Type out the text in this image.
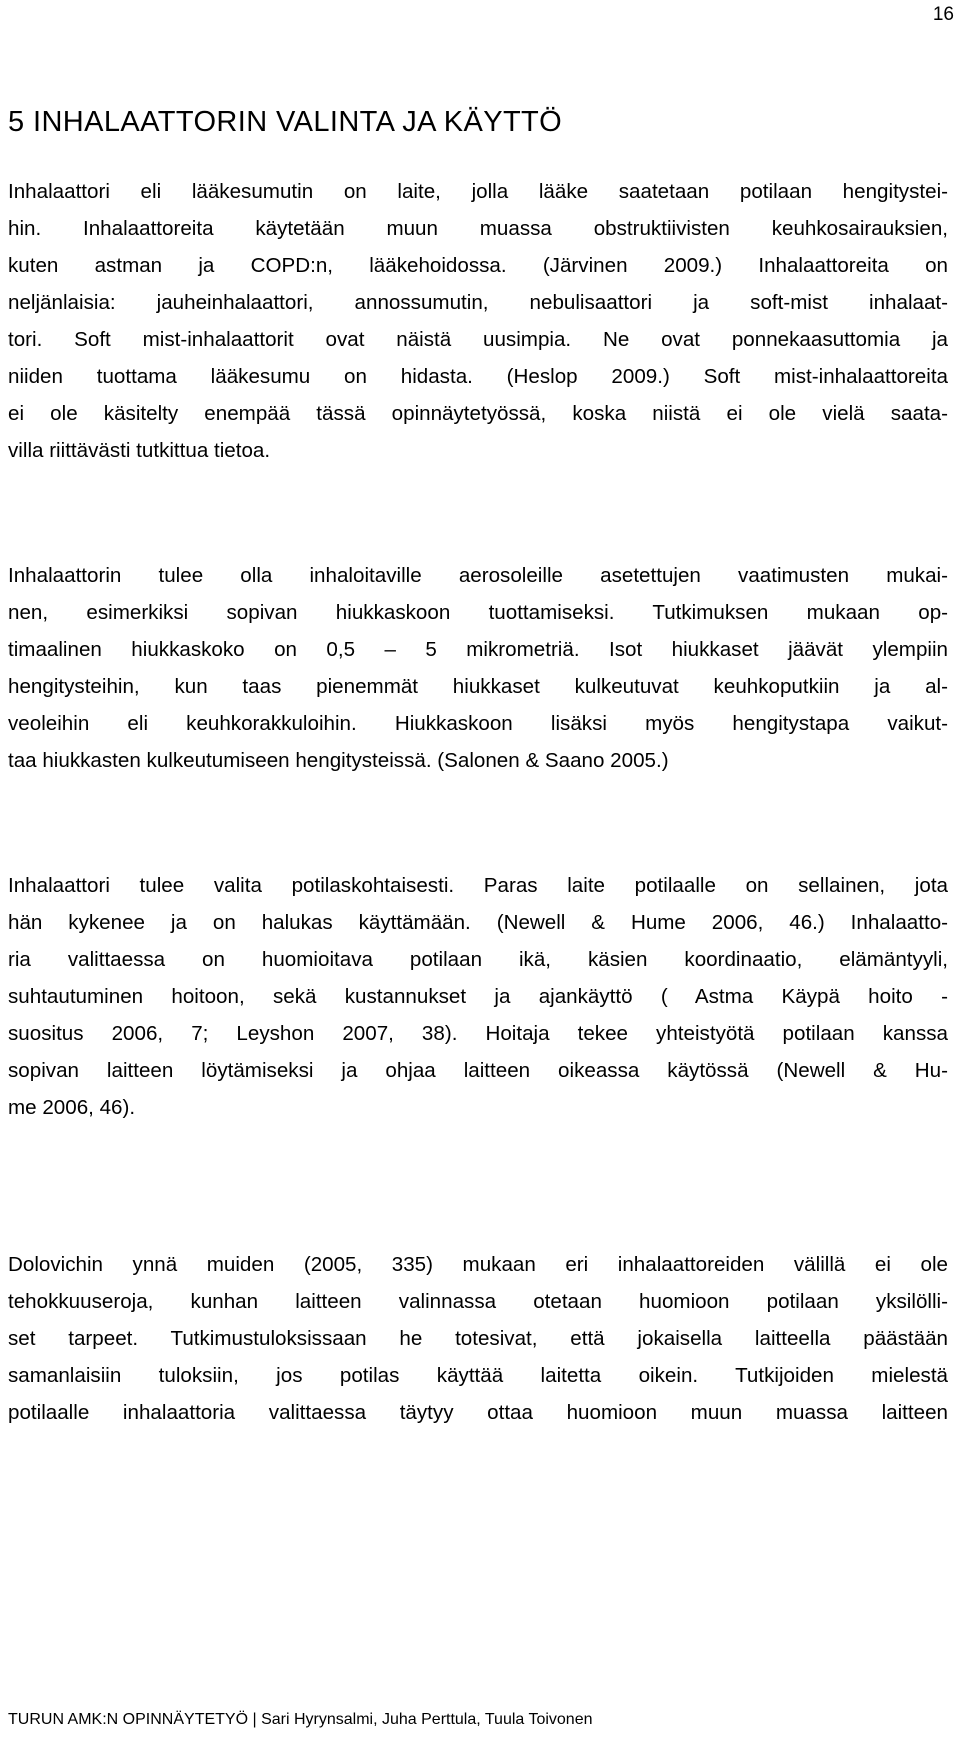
16
5 INHALAATTORIN VALINTA JA KÄYTTÖ
Inhalaattori eli lääkesumutin on laite, jolla lääke saatetaan potilaan hengitystei-
hin. Inhalaattoreita käytetään muun muassa obstruktiivisten keuhkosairauksien,
kuten astman ja COPD:n, lääkehoidossa. (Järvinen 2009.) Inhalaattoreita on
neljänlaisia: jauheinhalaattori, annossumutin, nebulisaattori ja soft-mist inhalaat-
tori. Soft mist-inhalaattorit ovat näistä uusimpia. Ne ovat ponnekaasuttomia ja
niiden tuottama lääkesumu on hidasta. (Heslop 2009.) Soft mist-inhalaattoreita
ei ole käsitelty enempää tässä opinnäytetyössä, koska niistä ei ole vielä saata-
villa riittävästi tutkittua tietoa.
Inhalaattorin tulee olla inhaloitaville aerosoleille asetettujen vaatimusten mukai-
nen, esimerkiksi sopivan hiukkaskoon tuottamiseksi. Tutkimuksen mukaan op-
timaalinen hiukkaskoko on 0,5 – 5 mikrometriä. Isot hiukkaset jäävät ylempiin
hengitysteihin, kun taas pienemmät hiukkaset kulkeutuvat keuhkoputkiin ja al-
veoleihin eli keuhkorakkuloihin. Hiukkaskoon lisäksi myös hengitystapa vaikut-
taa hiukkasten kulkeutumiseen hengitysteissä. (Salonen & Saano 2005.)
Inhalaattori tulee valita potilaskohtaisesti. Paras laite potilaalle on sellainen, jota
hän kykenee ja on halukas käyttämään. (Newell & Hume 2006, 46.) Inhalaatto-
ria valittaessa on huomioitava potilaan ikä, käsien koordinaatio, elämäntyyli,
suhtautuminen hoitoon, sekä kustannukset ja ajankäyttö ( Astma Käypä hoito -
suositus 2006, 7; Leyshon 2007, 38). Hoitaja tekee yhteistyötä potilaan kanssa
sopivan laitteen löytämiseksi ja ohjaa laitteen oikeassa käytössä (Newell & Hu-
me 2006, 46).
Dolovichin ynnä muiden (2005, 335) mukaan eri inhalaattoreiden välillä ei ole
tehokkuuseroja, kunhan laitteen valinnassa otetaan huomioon potilaan yksilölli-
set tarpeet. Tutkimustuloksissaan he totesivat, että jokaisella laitteella päästään
samanlaisiin tuloksiin, jos potilas käyttää laitetta oikein. Tutkijoiden mielestä
potilaalle inhalaattoria valittaessa täytyy ottaa huomioon muun muassa laitteen
TURUN AMK:N OPINNÄYTETYÖ | Sari Hyrynsalmi, Juha Perttula, Tuula Toivonen
